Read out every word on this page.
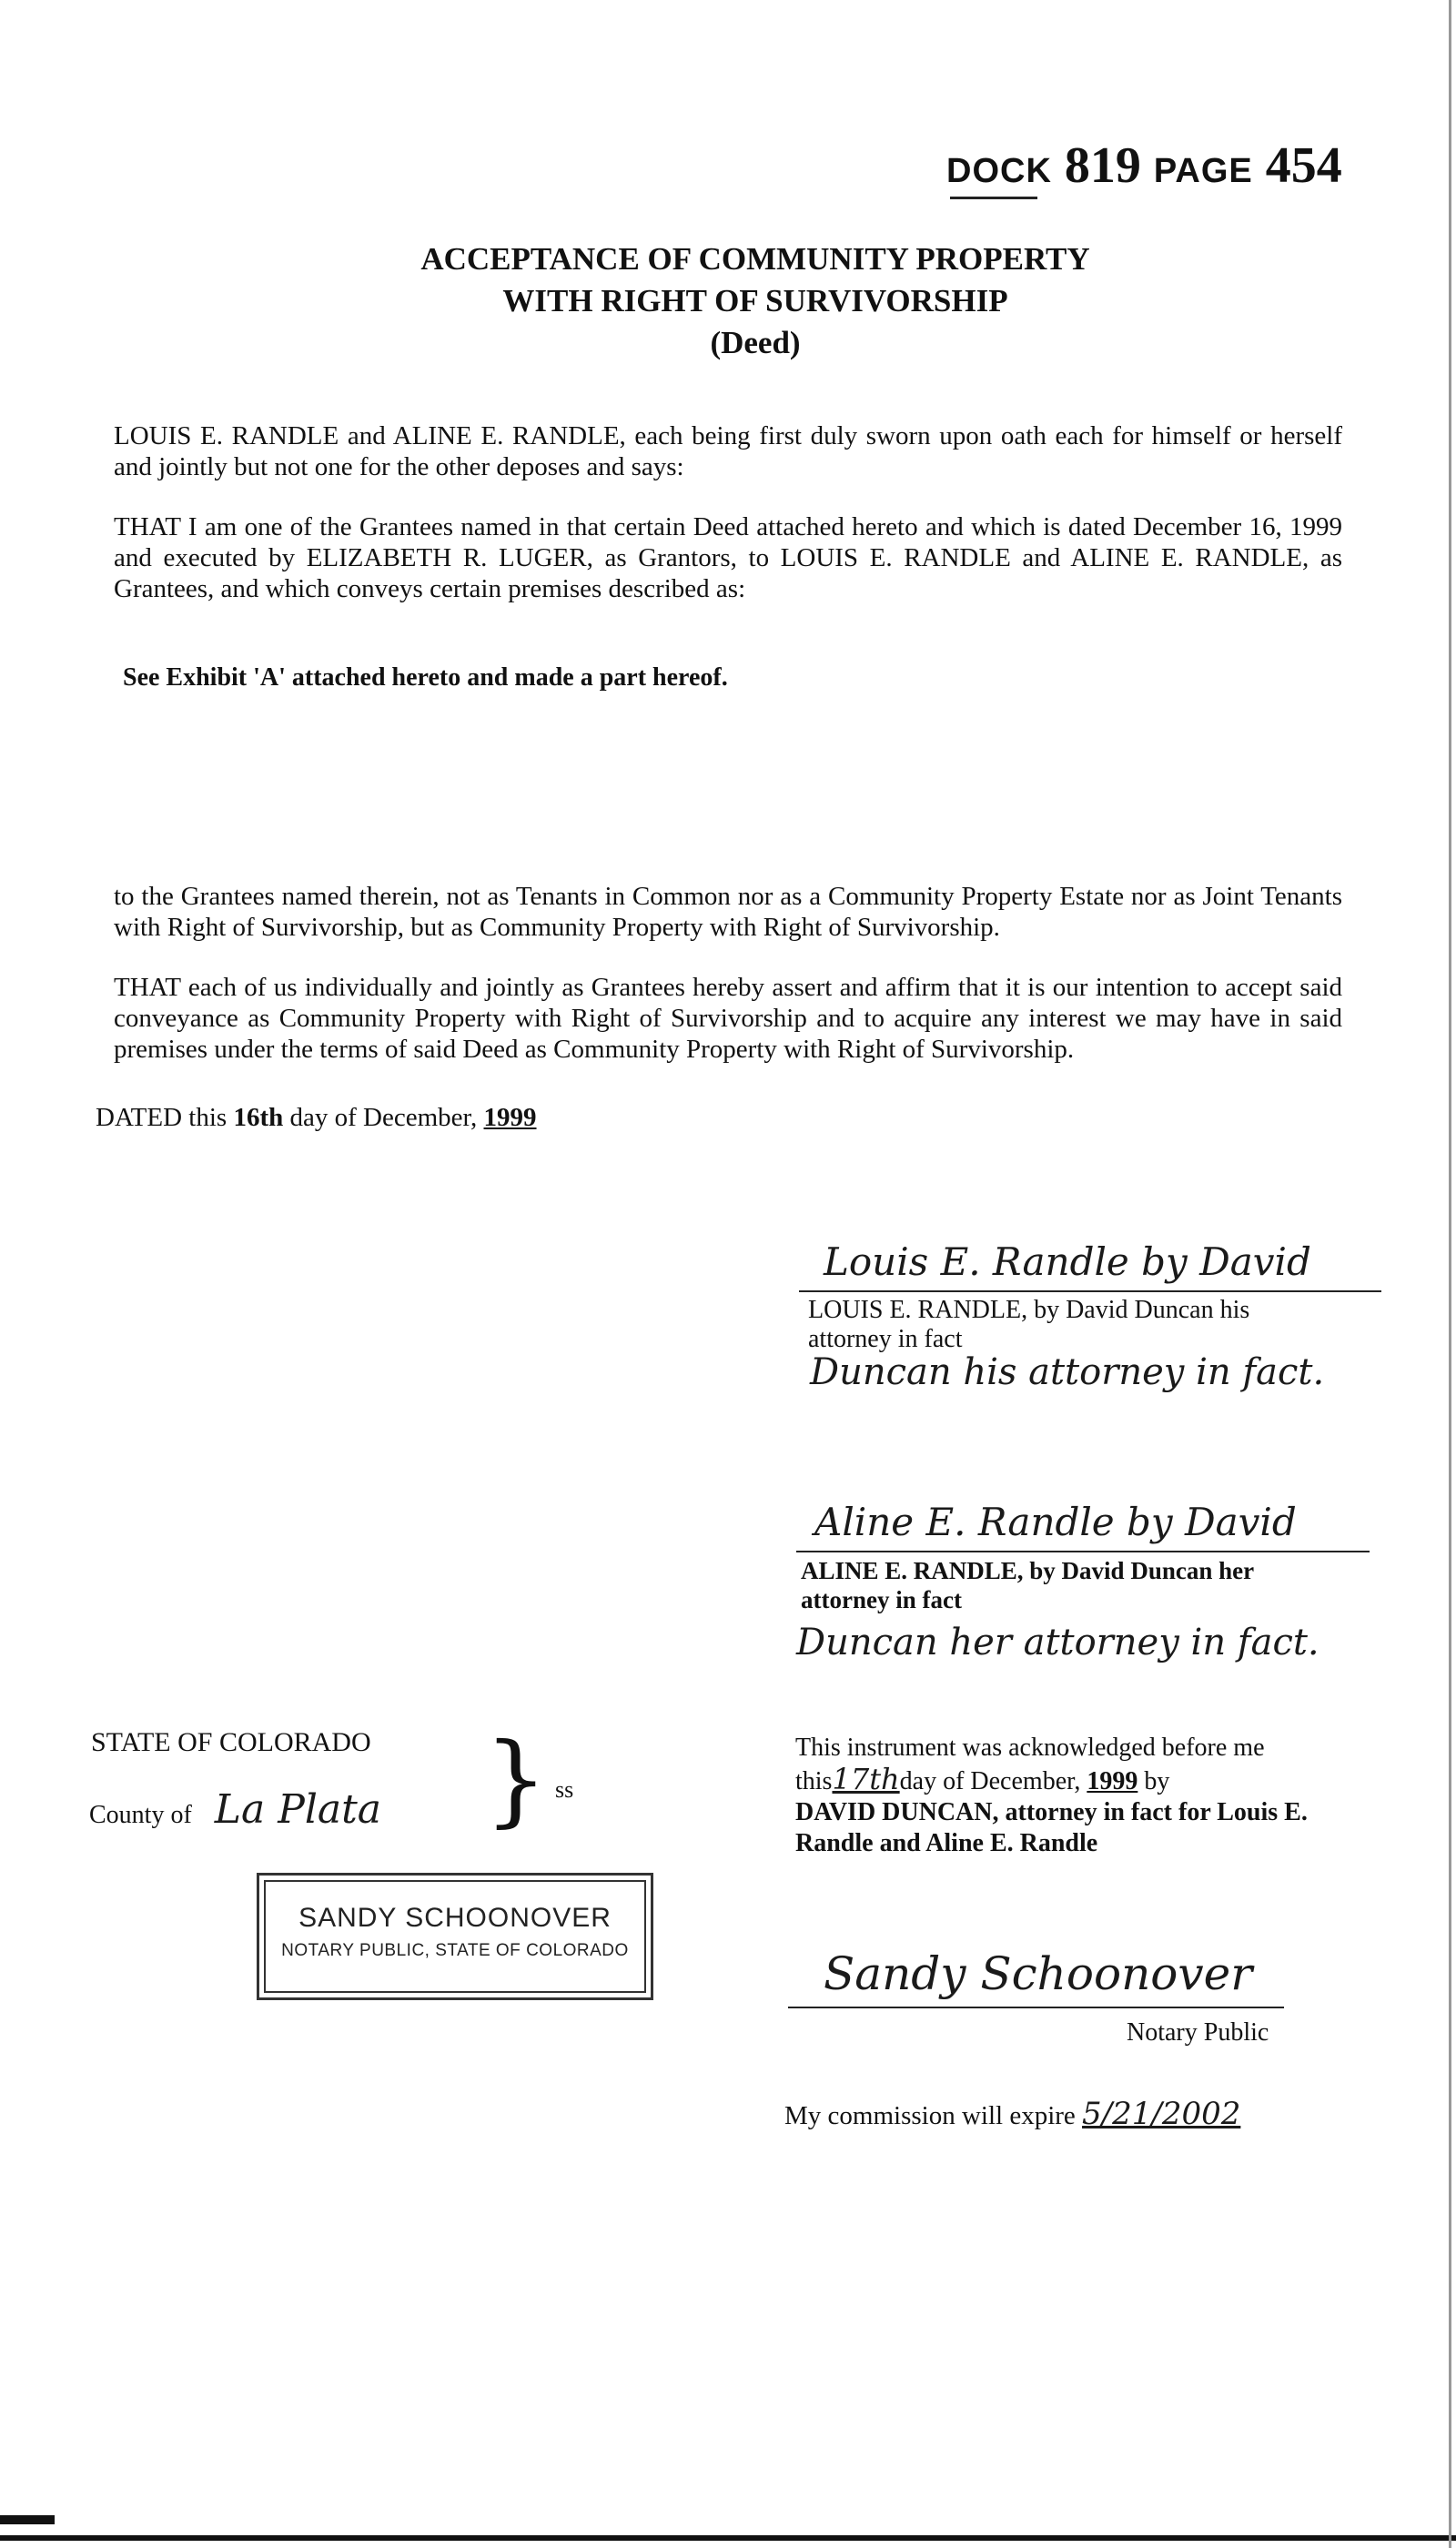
DOCK 819 PAGE 454
ACCEPTANCE OF COMMUNITY PROPERTY
WITH RIGHT OF SURVIVORSHIP
(Deed)
LOUIS E. RANDLE and ALINE E. RANDLE, each being first duly sworn upon oath each for himself or herself and jointly but not one for the other deposes and says:
THAT I am one of the Grantees named in that certain Deed attached hereto and which is dated December 16, 1999 and executed by ELIZABETH R. LUGER, as Grantors, to LOUIS E. RANDLE and ALINE E. RANDLE, as Grantees, and which conveys certain premises described as:
See Exhibit 'A' attached hereto and made a part hereof.
to the Grantees named therein, not as Tenants in Common nor as a Community Property Estate nor as Joint Tenants with Right of Survivorship, but as Community Property with Right of Survivorship.
THAT each of us individually and jointly as Grantees hereby assert and affirm that it is our intention to accept said conveyance as Community Property with Right of Survivorship and to acquire any interest we may have in said premises under the terms of said Deed as Community Property with Right of Survivorship.
DATED this 16th day of December, 1999
Louis E. Randle by David
LOUIS E. RANDLE, by David Duncan his attorney in fact
Duncan his attorney in fact.
Aline E. Randle by David
ALINE E. RANDLE, by David Duncan her attorney in fact
Duncan her attorney in fact.
STATE OF COLORADO
County of La Plata } ss
SANDY SCHOONOVER
NOTARY PUBLIC, STATE OF COLORADO
This instrument was acknowledged before me
this17thday of December, 1999 by
DAVID DUNCAN, attorney in fact for Louis E. Randle and Aline E. Randle
Sandy Schoonover
Notary Public
My commission will expire 5/21/2002
